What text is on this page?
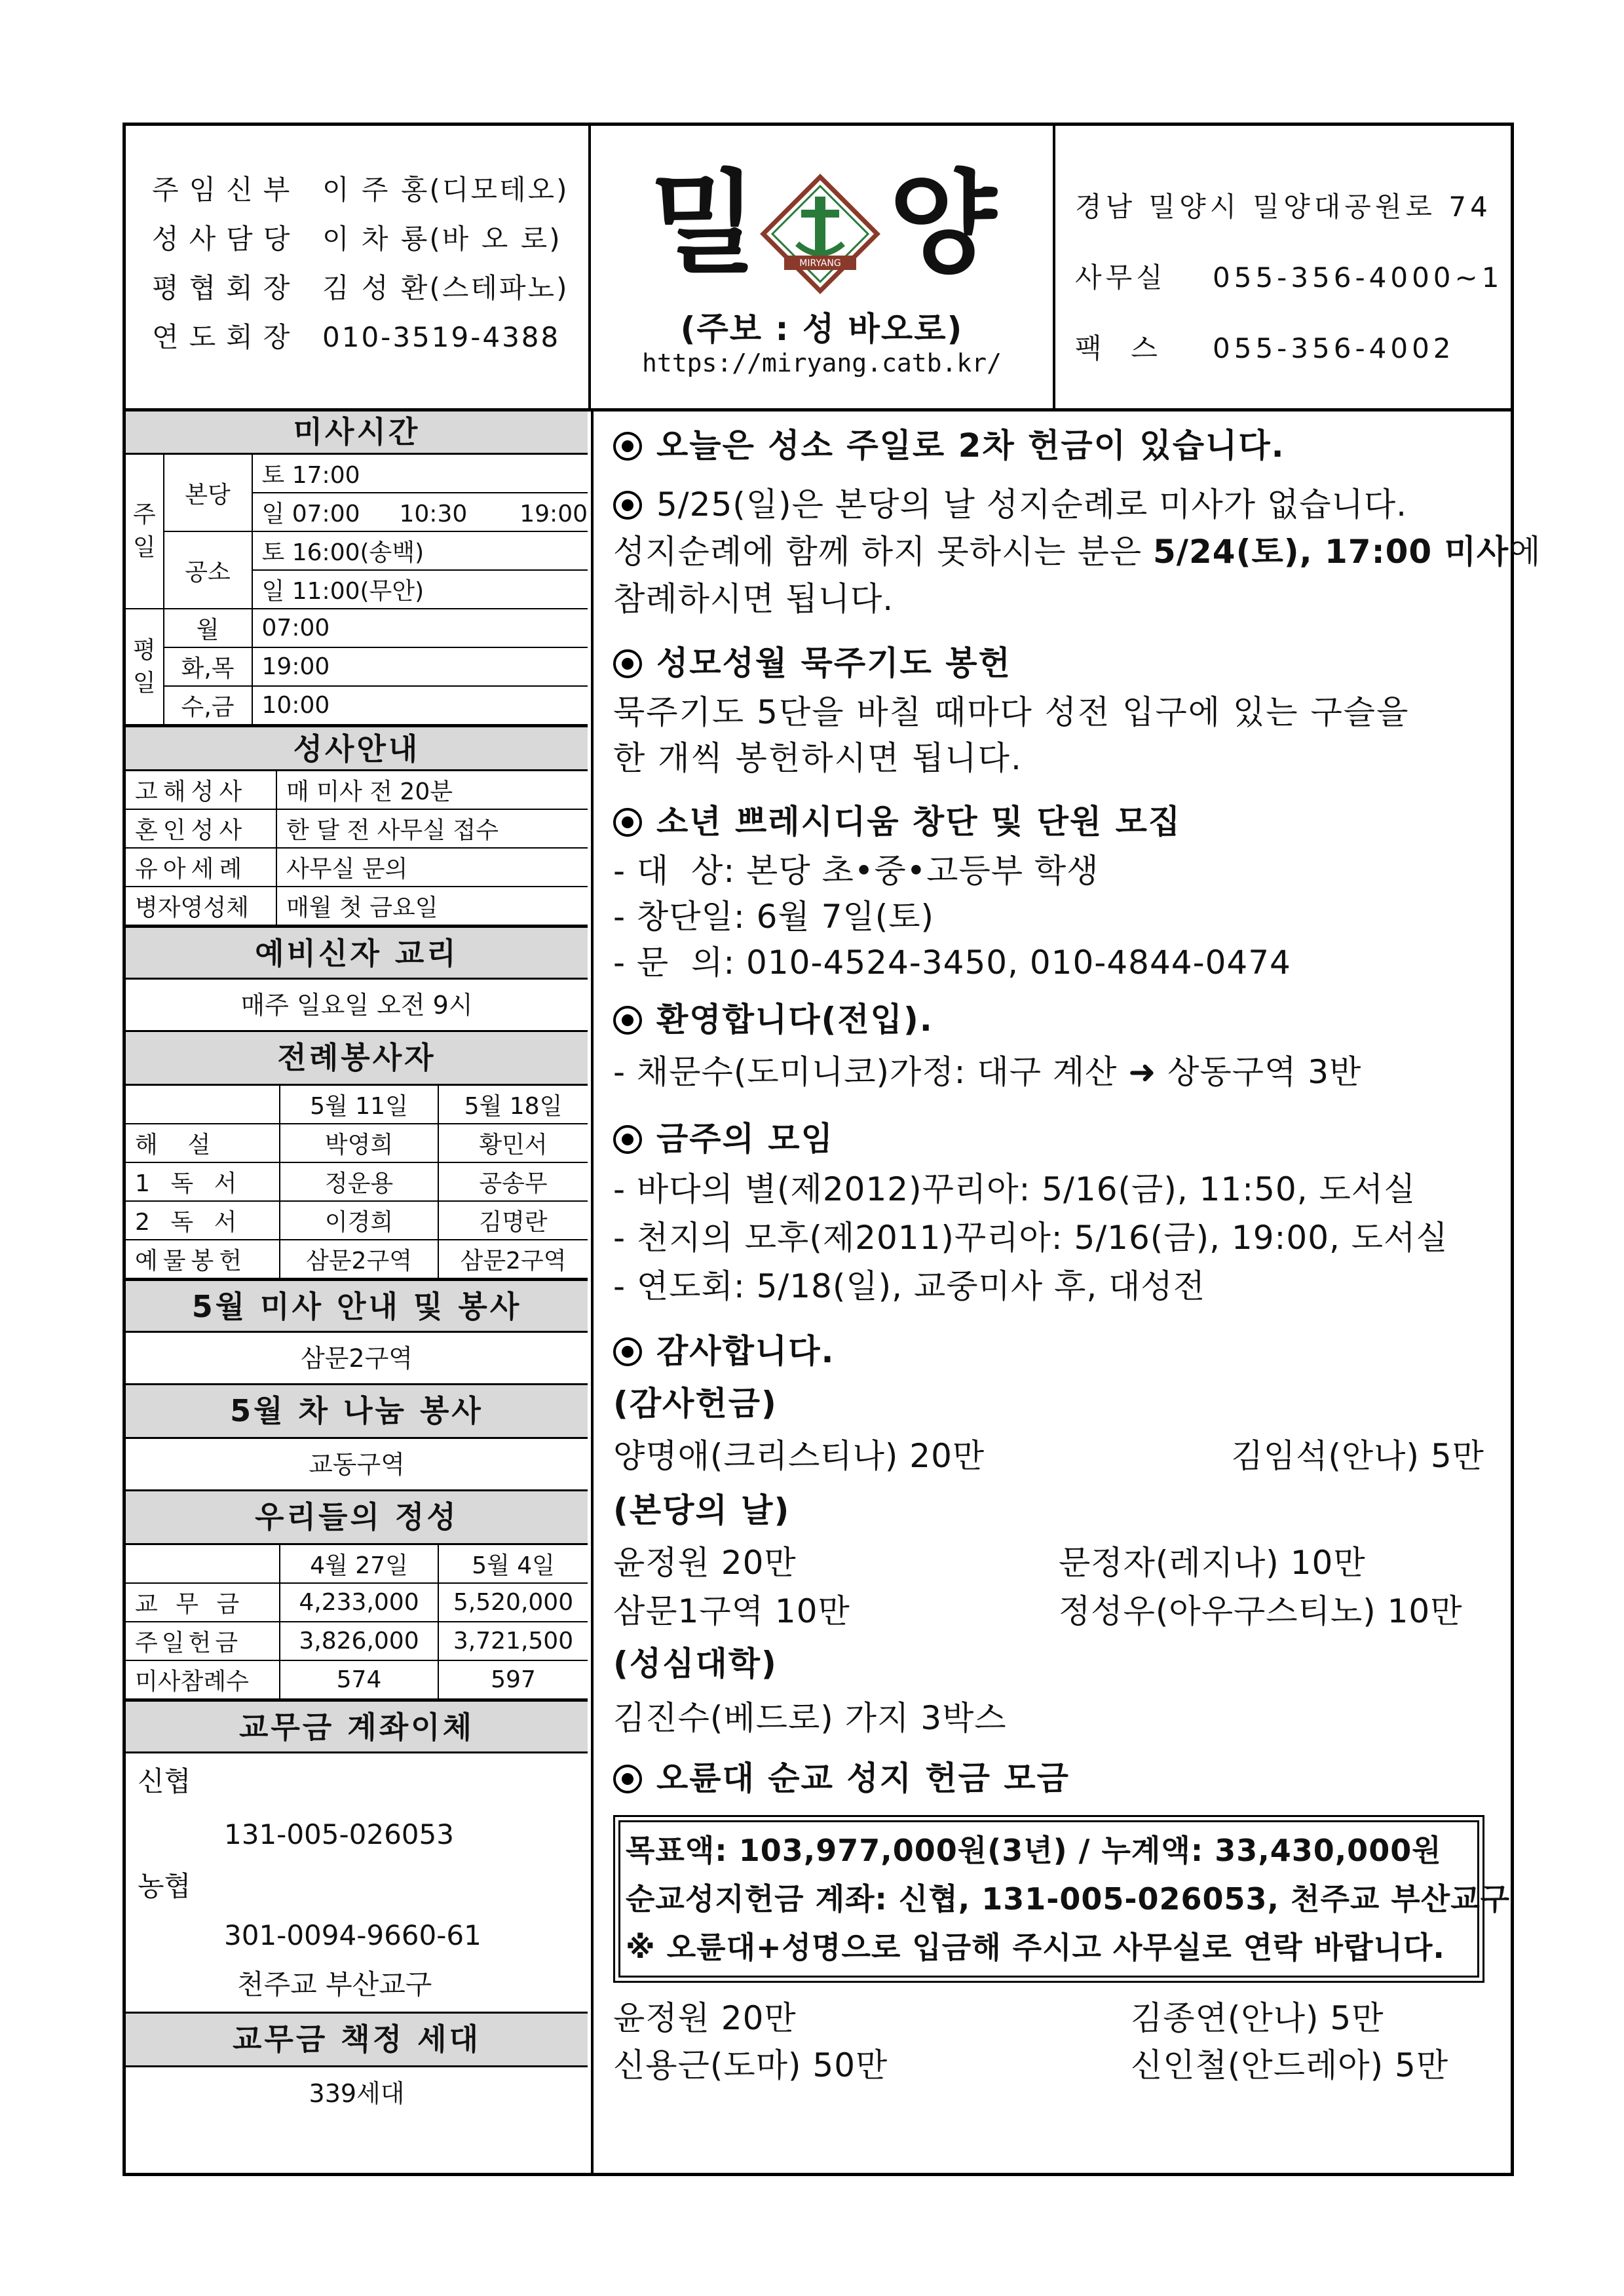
주임신부 이 주 홍(디모테오)
성사담당 이 차 룡(바 오 로)
평협회장 김 성 환(스테파노)
연도회장 010-3519-4388
밀	MIRYANG 양
(주보 : 성 바오로)
https://miryang.catb.kr/
경남 밀양시 밀양대공원로 74
사무실 055-356-4000~1
팩  스 055-356-4002
미사시간
주일	본당	토 17:00
		일 07:00 10:30 19:00
	공소	토 16:00(송백)
		일 11:00(무안)
평일	월	07:00
	화,목	19:00
	수,금	10:00
성사안내
고해성사	매 미사 전 20분
혼인성사	한 달 전 사무실 접수
유아세례	사무실 문의
병자영성체	매월 첫 금요일
예비신자 교리
매주 일요일 오전 9시
전례봉사자
	5월 11일	5월 18일
해    설	박영희	황민서
1 독 서	정운용	공송무
2 독 서	이경희	김명란
예물봉헌	삼문2구역	삼문2구역
5월 미사 안내 및 봉사
삼문2구역
5월 차 나눔 봉사
교동구역
우리들의 정성
	4월 27일	5월 4일
교 무 금	4,233,000	5,520,000
주일헌금	3,826,000	3,721,500
미사참례수	574	597
교무금 계좌이체
신협
131-005-026053
농협
301-0094-9660-61
천주교 부산교구
교무금 책정 세대
339세대
오늘은 성소 주일로 2차 헌금이 있습니다.
5/25(일)은 본당의 날 성지순례로 미사가 없습니다.
성지순례에 함께 하지 못하시는 분은 5/24(토), 17:00 미사에
참례하시면 됩니다.
성모성월 묵주기도 봉헌
묵주기도 5단을 바칠 때마다 성전 입구에 있는 구슬을
한 개씩 봉헌하시면 됩니다.
소년 쁘레시디움 창단 및 단원 모집
- 대  상: 본당 초•중•고등부 학생
- 창단일: 6월 7일(토)
- 문  의: 010-4524-3450, 010-4844-0474
환영합니다(전입).
- 채문수(도미니코)가정: 대구 계산 ➜ 상동구역 3반
금주의 모임
- 바다의 별(제2012)꾸리아: 5/16(금), 11:50, 도서실
- 천지의 모후(제2011)꾸리아: 5/16(금), 19:00, 도서실
- 연도회: 5/18(일), 교중미사 후, 대성전
감사합니다.
(감사헌금)
양명애(크리스티나) 20만	김임석(안나) 5만
(본당의 날)
윤정원 20만	문정자(레지나) 10만
삼문1구역 10만	정성우(아우구스티노) 10만
(성심대학)
김진수(베드로) 가지 3박스
오륜대 순교 성지 헌금 모금
목표액: 103,977,000원(3년) / 누계액: 33,430,000원
순교성지헌금 계좌: 신협, 131-005-026053, 천주교 부산교구
※ 오륜대+성명으로 입금해 주시고 사무실로 연락 바랍니다.
윤정원 20만	김종연(안나) 5만
신용근(도마) 50만	신인철(안드레아) 5만
